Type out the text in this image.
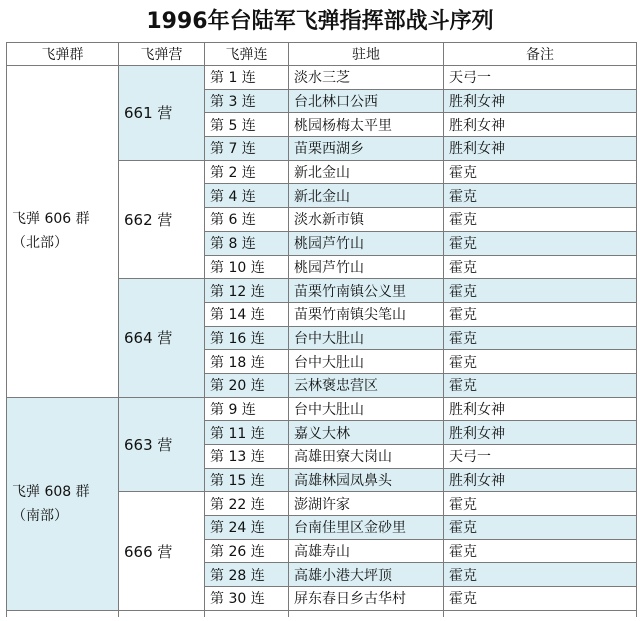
1996年台陆军飞弹指挥部战斗序列
飞弹群	飞弹营	飞弹连	驻地	备注

飞弹 606 群
（北部）	661 营	第 1 连	淡水三芝	天弓一
		第 3 连	台北林口公西	胜利女神
		第 5 连	桃园杨梅太平里	胜利女神
		第 7 连	苗栗西湖乡	胜利女神
	662 营	第 2 连	新北金山	霍克
		第 4 连	新北金山	霍克
		第 6 连	淡水新市镇	霍克
		第 8 连	桃园芦竹山	霍克
		第 10 连	桃园芦竹山	霍克
	664 营	第 12 连	苗栗竹南镇公义里	霍克
		第 14 连	苗栗竹南镇尖笔山	霍克
		第 16 连	台中大肚山	霍克
		第 18 连	台中大肚山	霍克
		第 20 连	云林褒忠营区	霍克

飞弹 608 群
（南部）	663 营	第 9 连	台中大肚山	胜利女神
		第 11 连	嘉义大林	胜利女神
		第 13 连	高雄田寮大岗山	天弓一
		第 15 连	高雄林园凤鼻头	胜利女神
	666 营	第 22 连	澎湖许家	霍克
		第 24 连	台南佳里区金砂里	霍克
		第 26 连	高雄寿山	霍克
		第 28 连	高雄小港大坪顶	霍克
		第 30 连	屏东春日乡古华村	霍克
